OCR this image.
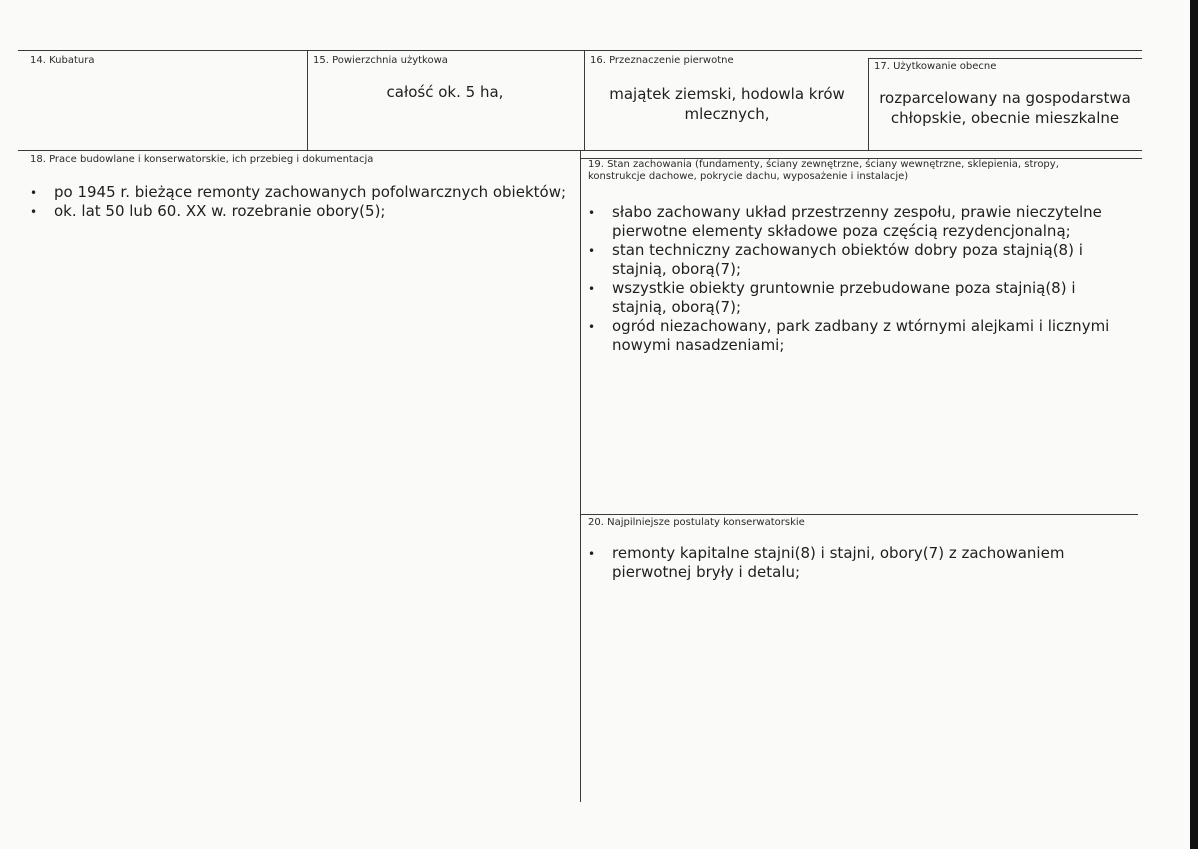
14. Kubatura	15. Powierzchnia użytkowa
całość ok. 5 ha,
16. Przeznaczenie pierwotne
majątek ziemski, hodowla krów mlecznych,
17. Użytkowanie obecne
rozparcelowany na gospodarstwa chłopskie, obecnie mieszkalne
18. Prace budowlane i konserwatorskie, ich przebieg i dokumentacja
• po 1945 r. bieżące remonty zachowanych pofolwarcznych obiektów;
• ok. lat 50 lub 60. XX w. rozebranie obory(5);
19. Stan zachowania (fundamenty, ściany zewnętrzne, ściany wewnętrzne, sklepienia, stropy, konstrukcje dachowe, pokrycie dachu, wyposażenie i instalacje)
• słabo zachowany układ przestrzenny zespołu, prawie nieczytelne pierwotne elementy składowe poza częścią rezydencjonalną;
• stan techniczny zachowanych obiektów dobry poza stajnią(8) i stajnią, oborą(7);
• wszystkie obiekty gruntownie przebudowane poza stajnią(8) i stajnią, oborą(7);
• ogród niezachowany, park zadbany z wtórnymi alejkami i licznymi nowymi nasadzeniami;
20. Najpilniejsze postulaty konserwatorskie
• remonty kapitalne stajni(8) i stajni, obory(7) z zachowaniem pierwotnej bryły i detalu;
